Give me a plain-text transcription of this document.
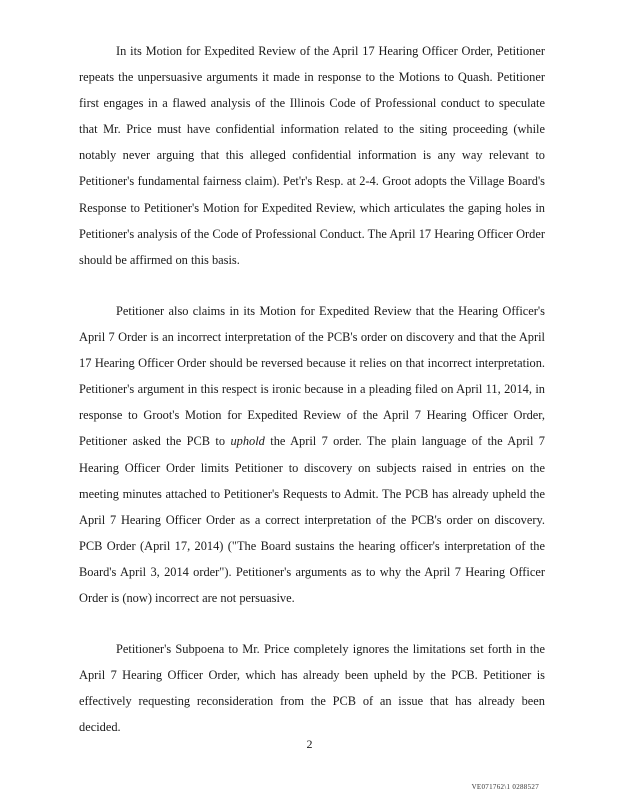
In its Motion for Expedited Review of the April 17 Hearing Officer Order, Petitioner repeats the unpersuasive arguments it made in response to the Motions to Quash. Petitioner first engages in a flawed analysis of the Illinois Code of Professional conduct to speculate that Mr. Price must have confidential information related to the siting proceeding (while notably never arguing that this alleged confidential information is any way relevant to Petitioner's fundamental fairness claim). Pet'r's Resp. at 2-4. Groot adopts the Village Board's Response to Petitioner's Motion for Expedited Review, which articulates the gaping holes in Petitioner's analysis of the Code of Professional Conduct. The April 17 Hearing Officer Order should be affirmed on this basis.

Petitioner also claims in its Motion for Expedited Review that the Hearing Officer's April 7 Order is an incorrect interpretation of the PCB's order on discovery and that the April 17 Hearing Officer Order should be reversed because it relies on that incorrect interpretation. Petitioner's argument in this respect is ironic because in a pleading filed on April 11, 2014, in response to Groot's Motion for Expedited Review of the April 7 Hearing Officer Order, Petitioner asked the PCB to uphold the April 7 order. The plain language of the April 7 Hearing Officer Order limits Petitioner to discovery on subjects raised in entries on the meeting minutes attached to Petitioner's Requests to Admit. The PCB has already upheld the April 7 Hearing Officer Order as a correct interpretation of the PCB's order on discovery. PCB Order (April 17, 2014) ("The Board sustains the hearing officer's interpretation of the Board's April 3, 2014 order"). Petitioner's arguments as to why the April 7 Hearing Officer Order is (now) incorrect are not persuasive.

Petitioner's Subpoena to Mr. Price completely ignores the limitations set forth in the April 7 Hearing Officer Order, which has already been upheld by the PCB. Petitioner is effectively requesting reconsideration from the PCB of an issue that has already been decided.

2
VE071762\1 0288527
